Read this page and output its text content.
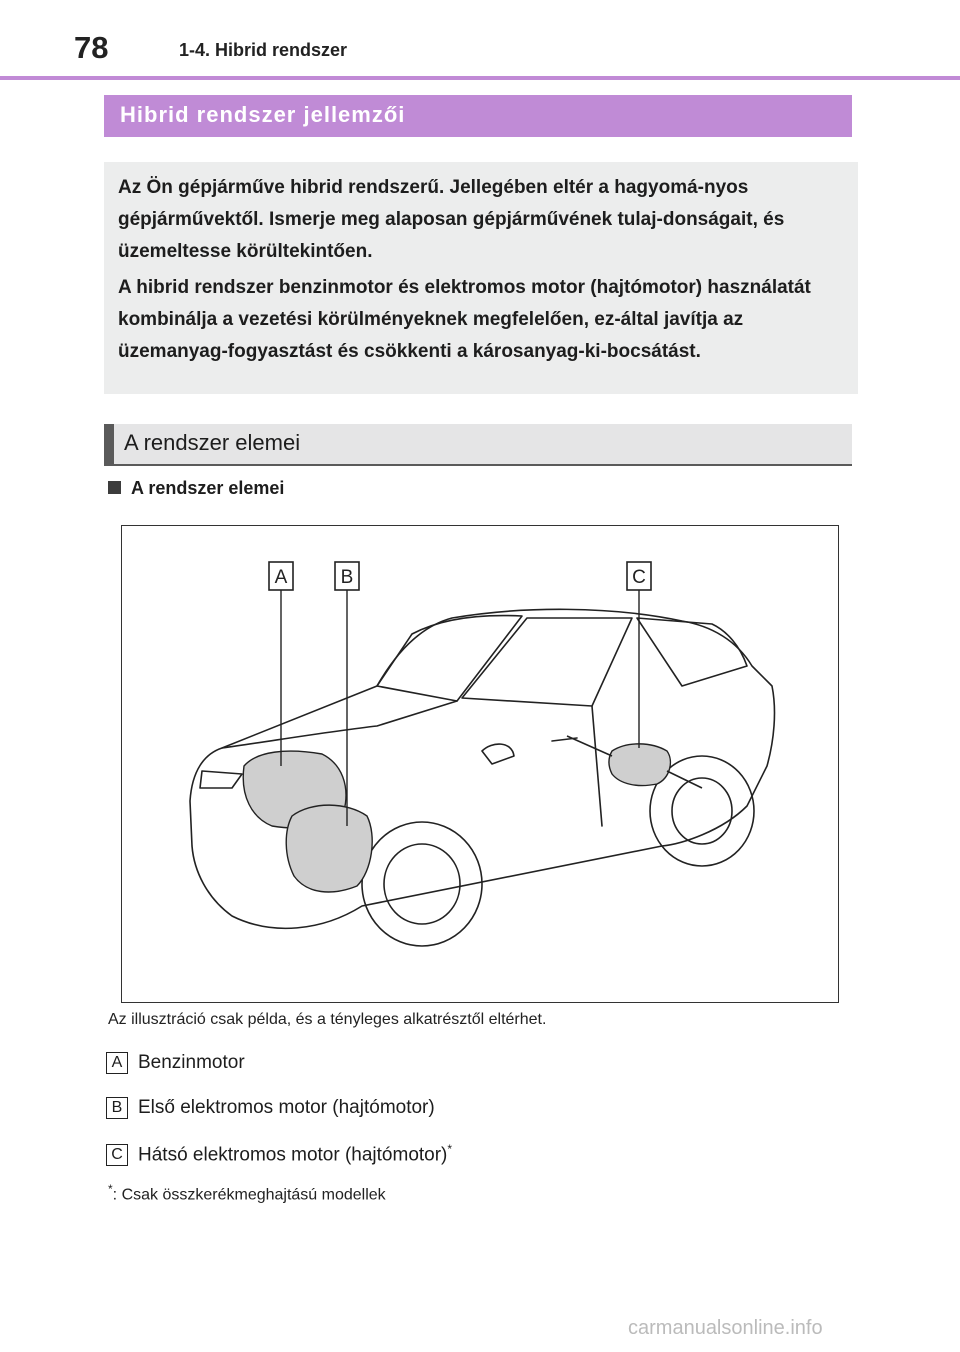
78	1-4. Hibrid rendszer
Hibrid rendszer jellemzői

Az Ön gépjárműve hibrid rendszerű. Jellegében eltér a hagyomá-nyos gépjárművektől. Ismerje meg alaposan gépjárművének tulaj-donságait, és üzemeltesse körültekintően.

A hibrid rendszer benzinmotor és elektromos motor (hajtómotor) használatát kombinálja a vezetési körülményeknek megfelelően, ez-által javítja az üzemanyag-fogyasztást és csökkenti a károsanyag-ki-bocsátást.

A rendszer elemei
A rendszer elemei
A	B	C
Az illusztráció csak példa, és a tényleges alkatrésztől eltérhet.
A Benzinmotor
B Első elektromos motor (hajtómotor)
C Hátsó elektromos motor (hajtómotor)*
*: Csak összkerékmeghajtású modellek
carmanualsonline.info
